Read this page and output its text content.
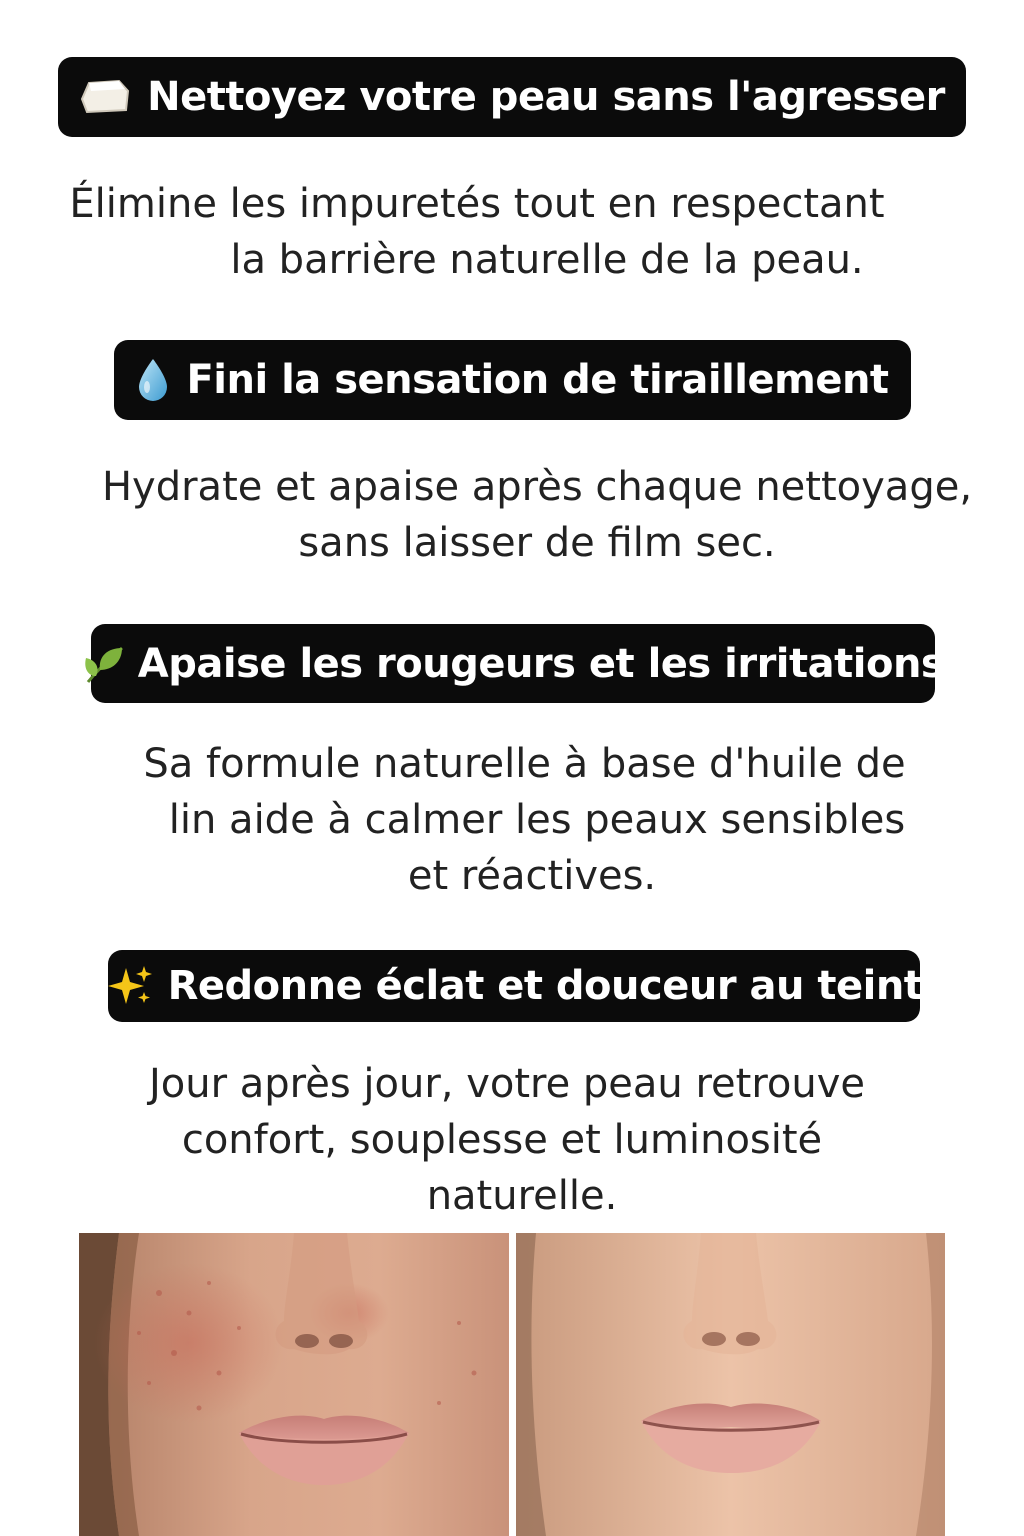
Nettoyez votre peau sans l'agresser
Élimine les impuretés tout en respectant
la barrière naturelle de la peau.
Fini la sensation de tiraillement
Hydrate et apaise après chaque nettoyage,
sans laisser de film sec.
Apaise les rougeurs et les irritations
Sa formule naturelle à base d'huile de
lin aide à calmer les peaux sensibles
et réactives.
Redonne éclat et douceur au teint
Jour après jour, votre peau retrouve
confort, souplesse et luminosité
naturelle.
